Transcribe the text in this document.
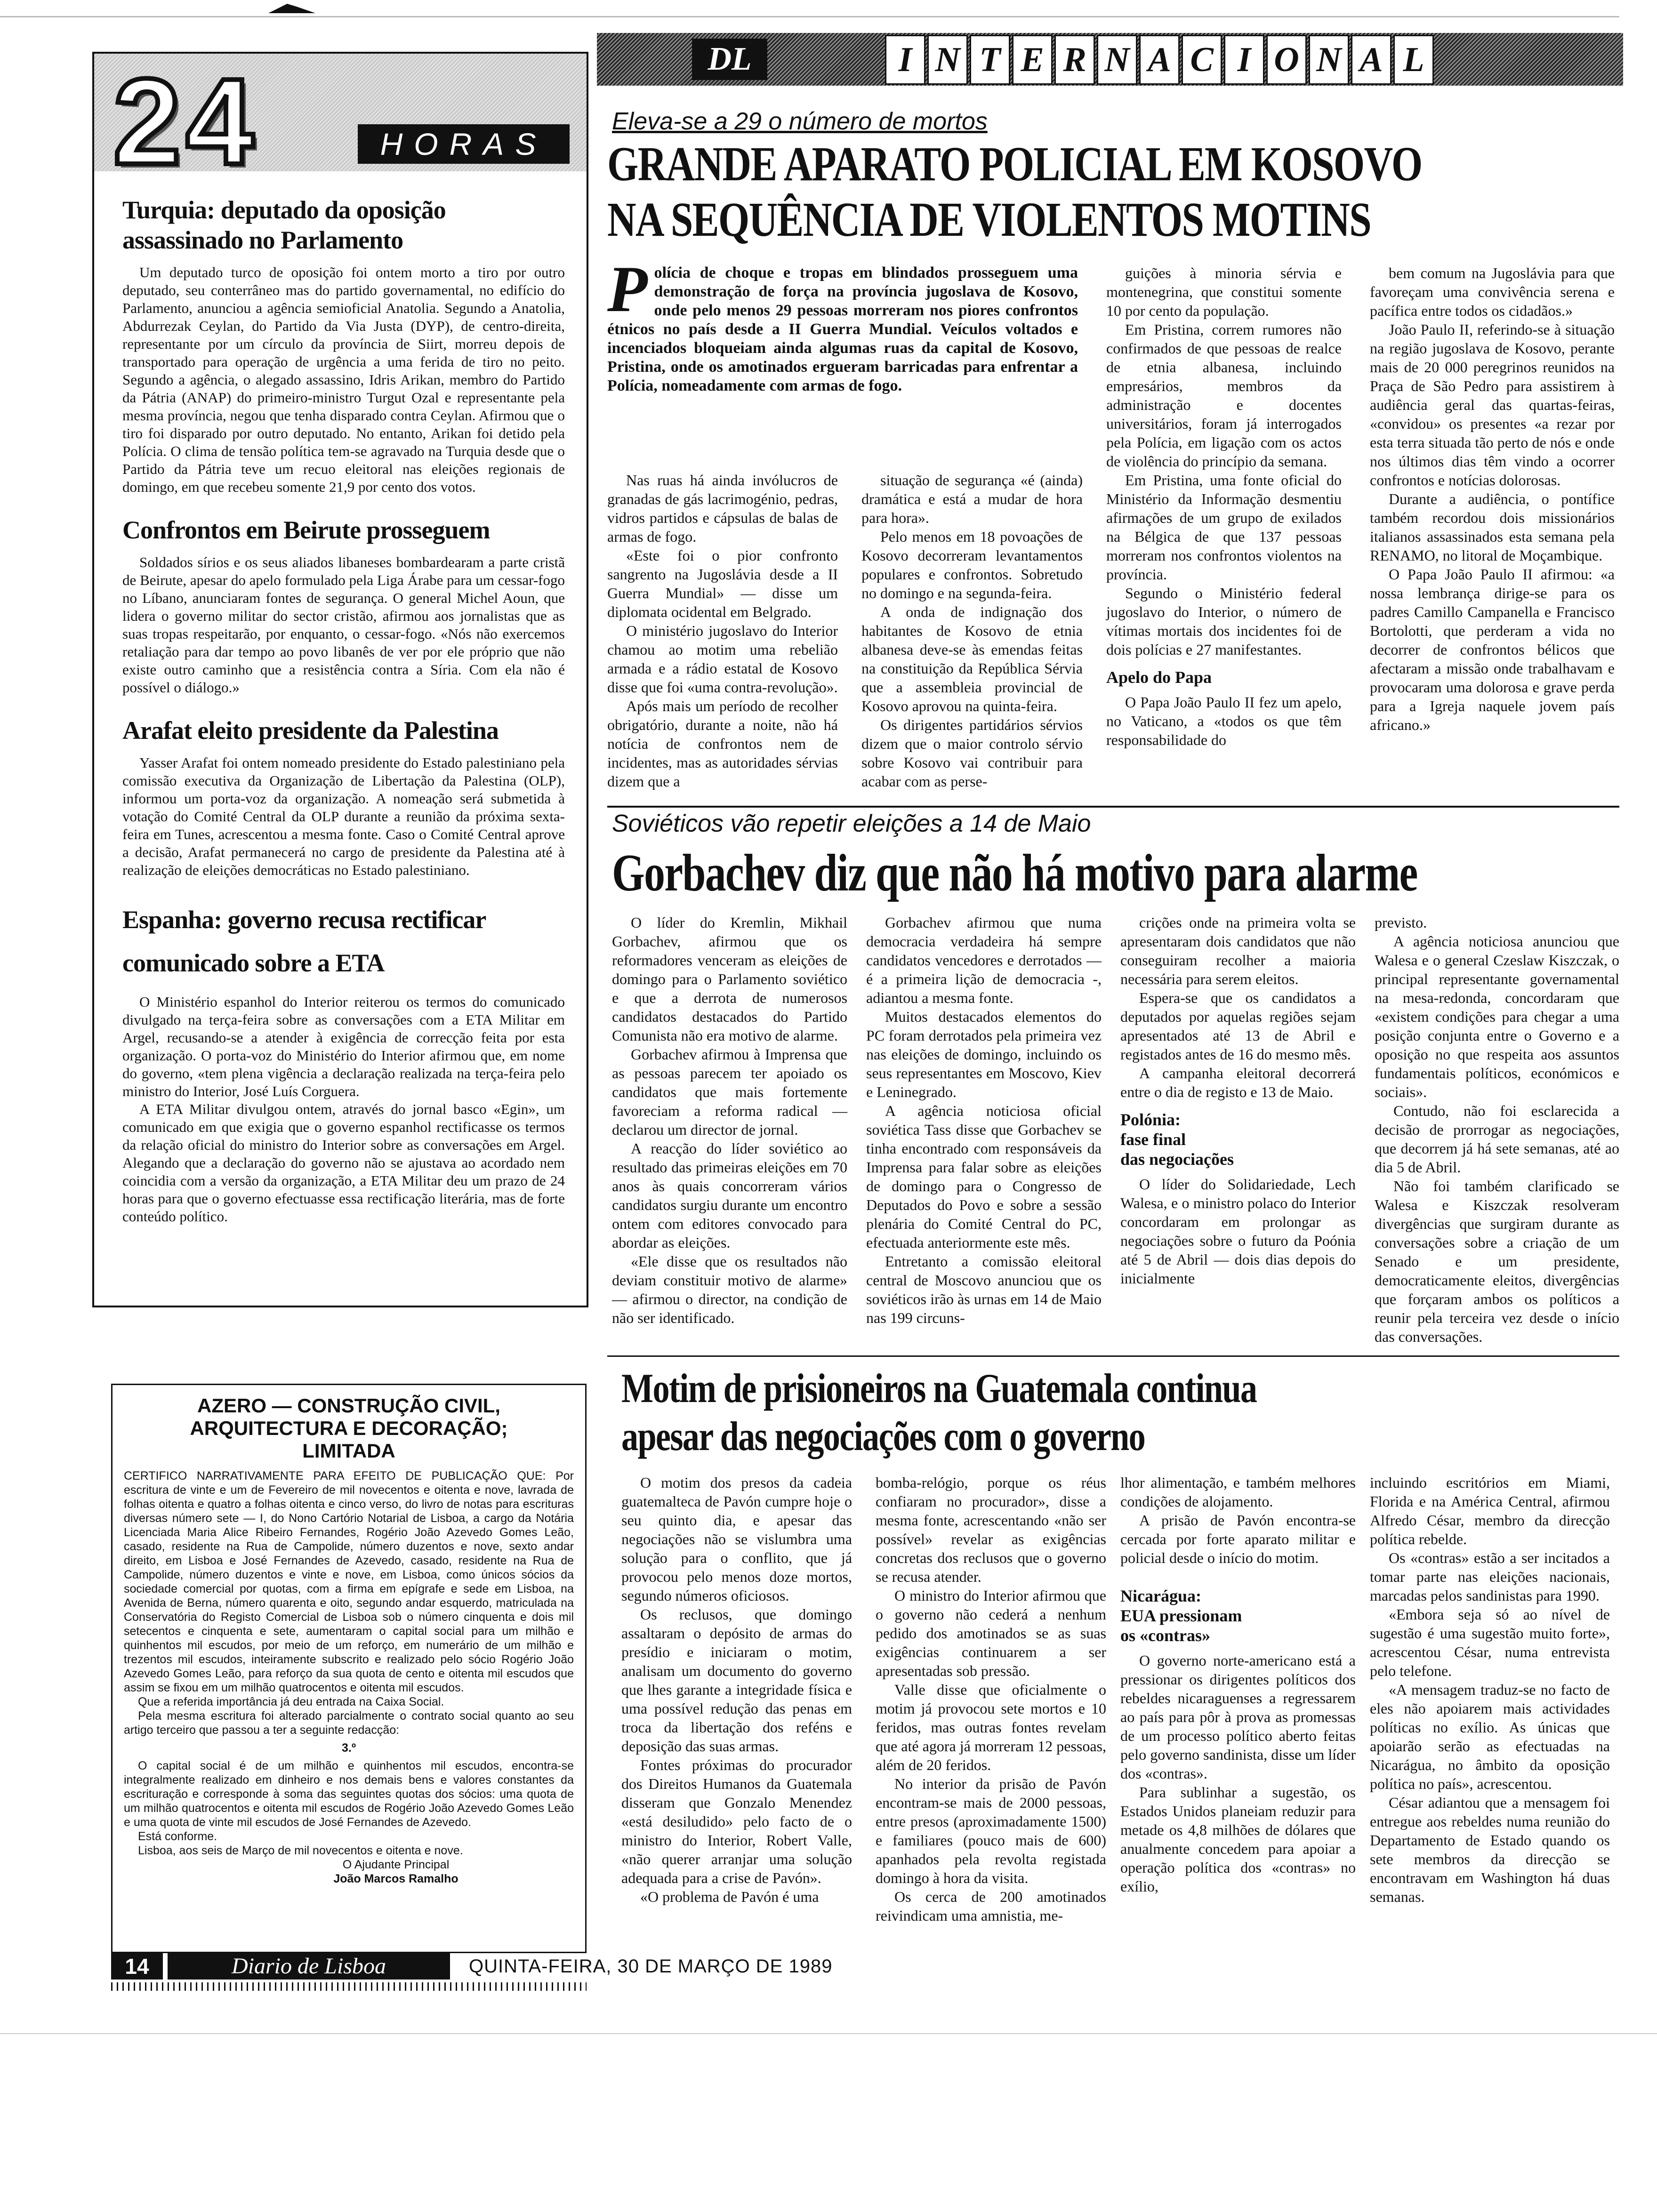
DL	I N T E R N A C I O N A L
24	HORAS
Turquia: deputado da oposição assassinado no Parlamento

Um deputado turco de oposição foi ontem morto a tiro por outro deputado, seu conterrâneo mas do partido governamental, no edifício do Parlamento, anunciou a agência semioficial Anatolia. Segundo a Anatolia, Abdurrezak Ceylan, do Partido da Via Justa (DYP), de centro-direita, representante por um círculo da província de Siirt, morreu depois de transportado para operação de urgência a uma ferida de tiro no peito. Segundo a agência, o alegado assassino, Idris Arikan, membro do Partido da Pátria (ANAP) do primeiro-ministro Turgut Ozal e representante pela mesma província, negou que tenha disparado contra Ceylan. Afirmou que o tiro foi disparado por outro deputado. No entanto, Arikan foi detido pela Polícia. O clima de tensão política tem-se agravado na Turquia desde que o Partido da Pátria teve um recuo eleitoral nas eleições regionais de domingo, em que recebeu somente 21,9 por cento dos votos.

Confrontos em Beirute prosseguem

Soldados sírios e os seus aliados libaneses bombardearam a parte cristã de Beirute, apesar do apelo formulado pela Liga Árabe para um cessar-fogo no Líbano, anunciaram fontes de segurança. O general Michel Aoun, que lidera o governo militar do sector cristão, afirmou aos jornalistas que as suas tropas respeitarão, por enquanto, o cessar-fogo. «Nós não exercemos retaliação para dar tempo ao povo libanês de ver por ele próprio que não existe outro caminho que a resistência contra a Síria. Com ela não é possível o diálogo.»

Arafat eleito presidente da Palestina

Yasser Arafat foi ontem nomeado presidente do Estado palestiniano pela comissão executiva da Organização de Libertação da Palestina (OLP), informou um porta-voz da organização. A nomeação será submetida à votação do Comité Central da OLP durante a reunião da próxima sexta-feira em Tunes, acrescentou a mesma fonte. Caso o Comité Central aprove a decisão, Arafat permanecerá no cargo de presidente da Palestina até à realização de eleições democráticas no Estado palestiniano.

Espanha: governo recusa rectificar comunicado sobre a ETA

O Ministério espanhol do Interior reiterou os termos do comunicado divulgado na terça-feira sobre as conversações com a ETA Militar em Argel, recusando-se a atender à exigência de correcção feita por esta organização. O porta-voz do Ministério do Interior afirmou que, em nome do governo, «tem plena vigência a declaração realizada na terça-feira pelo ministro do Interior, José Luís Corguera.

A ETA Militar divulgou ontem, através do jornal basco «Egin», um comunicado em que exigia que o governo espanhol rectificasse os termos da relação oficial do ministro do Interior sobre as conversações em Argel. Alegando que a declaração do governo não se ajustava ao acordado nem coincidia com a versão da organização, a ETA Militar deu um prazo de 24 horas para que o governo efectuasse essa rectificação literária, mas de forte conteúdo político.

AZERO — CONSTRUÇÃO CIVIL, ARQUITECTURA E DECORAÇÃO; LIMITADA

CERTIFICO NARRATIVAMENTE PARA EFEITO DE PUBLICAÇÃO QUE: Por escritura de vinte e um de Fevereiro de mil novecentos e oitenta e nove, lavrada de folhas oitenta e quatro a folhas oitenta e cinco verso, do livro de notas para escrituras diversas número sete — I, do Nono Cartório Notarial de Lisboa, a cargo da Notária Licenciada Maria Alice Ribeiro Fernandes, Rogério João Azevedo Gomes Leão, casado, residente na Rua de Campolide, número duzentos e nove, sexto andar direito, em Lisboa e José Fernandes de Azevedo, casado, residente na Rua de Campolide, número duzentos e vinte e nove, em Lisboa, como únicos sócios da sociedade comercial por quotas, com a firma em epígrafe e sede em Lisboa, na Avenida de Berna, número quarenta e oito, segundo andar esquerdo, matriculada na Conservatória do Registo Comercial de Lisboa sob o número cinquenta e dois mil setecentos e cinquenta e sete, aumentaram o capital social para um milhão e quinhentos mil escudos, por meio de um reforço, em numerário de um milhão e trezentos mil escudos, inteiramente subscrito e realizado pelo sócio Rogério João Azevedo Gomes Leão, para reforço da sua quota de cento e oitenta mil escudos que assim se fixou em um milhão quatrocentos e oitenta mil escudos.

Que a referida importância já deu entrada na Caixa Social.

Pela mesma escritura foi alterado parcialmente o contrato social quanto ao seu artigo terceiro que passou a ter a seguinte redacção:

3.º

O capital social é de um milhão e quinhentos mil escudos, encontra-se integralmente realizado em dinheiro e nos demais bens e valores constantes da escrituração e corresponde à soma das seguintes quotas dos sócios: uma quota de um milhão quatrocentos e oitenta mil escudos de Rogério João Azevedo Gomes Leão e uma quota de vinte mil escudos de José Fernandes de Azevedo.

Está conforme.

Lisboa, aos seis de Março de mil novecentos e oitenta e nove.

O Ajudante Principal

João Marcos Ramalho

Eleva-se a 29 o número de mortos
GRANDE APARATO POLICIAL EM KOSOVO
NA SEQUÊNCIA DE VIOLENTOS MOTINS
P olícia de choque e tropas em blindados prosseguem uma demonstração de força na província jugoslava de Kosovo, onde pelo menos 29 pessoas morreram nos piores confrontos étnicos no país desde a II Guerra Mundial. Veículos voltados e incenciados bloqueiam ainda algumas ruas da capital de Kosovo, Pristina, onde os amotinados ergueram barricadas para enfrentar a Polícia, nomeadamente com armas de fogo.

Nas ruas há ainda invólucros de granadas de gás lacrimogénio, pedras, vidros partidos e cápsulas de balas de armas de fogo.

«Este foi o pior confronto sangrento na Jugoslávia desde a II Guerra Mundial» — disse um diplomata ocidental em Belgrado.

O ministério jugoslavo do Interior chamou ao motim uma rebelião armada e a rádio estatal de Kosovo disse que foi «uma contra-revolução».

Após mais um período de recolher obrigatório, durante a noite, não há notícia de confrontos nem de incidentes, mas as autoridades sérvias dizem que a

situação de segurança «é (ainda) dramática e está a mudar de hora para hora».

Pelo menos em 18 povoações de Kosovo decorreram levantamentos populares e confrontos. Sobretudo no domingo e na segunda-feira.

A onda de indignação dos habitantes de Kosovo de etnia albanesa deve-se às emendas feitas na constituição da República Sérvia que a assembleia provincial de Kosovo aprovou na quinta-feira.

Os dirigentes partidários sérvios dizem que o maior controlo sérvio sobre Kosovo vai contribuir para acabar com as perse-

guições à minoria sérvia e montenegrina, que constitui somente 10 por cento da população.

Em Pristina, correm rumores não confirmados de que pessoas de realce de etnia albanesa, incluindo empresários, membros da administração e docentes universitários, foram já interrogados pela Polícia, em ligação com os actos de violência do princípio da semana.

Em Pristina, uma fonte oficial do Ministério da Informação desmentiu afirmações de um grupo de exilados na Bélgica de que 137 pessoas morreram nos confrontos violentos na província.

Segundo o Ministério federal jugoslavo do Interior, o número de vítimas mortais dos incidentes foi de dois polícias e 27 manifestantes.

Apelo do Papa

O Papa João Paulo II fez um apelo, no Vaticano, a «todos os que têm responsabilidade do

bem comum na Jugoslávia para que favoreçam uma convivência serena e pacífica entre todos os cidadãos.»

João Paulo II, referindo-se à situação na região jugoslava de Kosovo, perante mais de 20 000 peregrinos reunidos na Praça de São Pedro para assistirem à audiência geral das quartas-feiras, «convidou» os presentes «a rezar por esta terra situada tão perto de nós e onde nos últimos dias têm vindo a ocorrer confrontos e notícias dolorosas.

Durante a audiência, o pontífice também recordou dois missionários italianos assassinados esta semana pela RENAMO, no litoral de Moçambique.

O Papa João Paulo II afirmou: «a nossa lembrança dirige-se para os padres Camillo Campanella e Francisco Bortolotti, que perderam a vida no decorrer de confrontos bélicos que afectaram a missão onde trabalhavam e provocaram uma dolorosa e grave perda para a Igreja naquele jovem país africano.»

Soviéticos vão repetir eleições a 14 de Maio
Gorbachev diz que não há motivo para alarme

O líder do Kremlin, Mikhail Gorbachev, afirmou que os reformadores venceram as eleições de domingo para o Parlamento soviético e que a derrota de numerosos candidatos destacados do Partido Comunista não era motivo de alarme.

Gorbachev afirmou à Imprensa que as pessoas parecem ter apoiado os candidatos que mais fortemente favoreciam a reforma radical — declarou um director de jornal.

A reacção do líder soviético ao resultado das primeiras eleições em 70 anos às quais concorreram vários candidatos surgiu durante um encontro ontem com editores convocado para abordar as eleições.

«Ele disse que os resultados não deviam constituir motivo de alarme» — afirmou o director, na condição de não ser identificado.

Gorbachev afirmou que numa democracia verdadeira há sempre candidatos vencedores e derrotados — é a primeira lição de democracia -, adiantou a mesma fonte.

Muitos destacados elementos do PC foram derrotados pela primeira vez nas eleições de domingo, incluindo os seus representantes em Moscovo, Kiev e Leninegrado.

A agência noticiosa oficial soviética Tass disse que Gorbachev se tinha encontrado com responsáveis da Imprensa para falar sobre as eleições de domingo para o Congresso de Deputados do Povo e sobre a sessão plenária do Comité Central do PC, efectuada anteriormente este mês.

Entretanto a comissão eleitoral central de Moscovo anunciou que os soviéticos irão às urnas em 14 de Maio nas 199 circuns-

crições onde na primeira volta se apresentaram dois candidatos que não conseguiram recolher a maioria necessária para serem eleitos.

Espera-se que os candidatos a deputados por aquelas regiões sejam apresentados até 13 de Abril e registados antes de 16 do mesmo mês.

A campanha eleitoral decorrerá entre o dia de registo e 13 de Maio.

Polónia:
fase final
das negociações

O líder do Solidariedade, Lech Walesa, e o ministro polaco do Interior concordaram em prolongar as negociações sobre o futuro da Poónia até 5 de Abril — dois dias depois do inicialmente

previsto.

A agência noticiosa anunciou que Walesa e o general Czeslaw Kiszczak, o principal representante governamental na mesa-redonda, concordaram que «existem condições para chegar a uma posição conjunta entre o Governo e a oposição no que respeita aos assuntos fundamentais políticos, económicos e sociais».

Contudo, não foi esclarecida a decisão de prorrogar as negociações, que decorrem já há sete semanas, até ao dia 5 de Abril.

Não foi também clarificado se Walesa e Kiszczak resolveram divergências que surgiram durante as conversações sobre a criação de um Senado e um presidente, democraticamente eleitos, divergências que forçaram ambos os políticos a reunir pela terceira vez desde o início das conversações.

Motim de prisioneiros na Guatemala continua
apesar das negociações com o governo

O motim dos presos da cadeia guatemalteca de Pavón cumpre hoje o seu quinto dia, e apesar das negociações não se vislumbra uma solução para o conflito, que já provocou pelo menos doze mortos, segundo números oficiosos.

Os reclusos, que domingo assaltaram o depósito de armas do presídio e iniciaram o motim, analisam um documento do governo que lhes garante a integridade física e uma possível redução das penas em troca da libertação dos reféns e deposição das suas armas.

Fontes próximas do procurador dos Direitos Humanos da Guatemala disseram que Gonzalo Menendez «está desiludido» pelo facto de o ministro do Interior, Robert Valle, «não querer arranjar uma solução adequada para a crise de Pavón».

«O problema de Pavón é uma

bomba-relógio, porque os réus confiaram no procurador», disse a mesma fonte, acrescentando «não ser possível» revelar as exigências concretas dos reclusos que o governo se recusa atender.

O ministro do Interior afirmou que o governo não cederá a nenhum pedido dos amotinados se as suas exigências continuarem a ser apresentadas sob pressão.

Valle disse que oficialmente o motim já provocou sete mortos e 10 feridos, mas outras fontes revelam que até agora já morreram 12 pessoas, além de 20 feridos.

No interior da prisão de Pavón encontram-se mais de 2000 pessoas, entre presos (aproximadamente 1500) e familiares (pouco mais de 600) apanhados pela revolta registada domingo à hora da visita.

Os cerca de 200 amotinados reivindicam uma amnistia, me-

lhor alimentação, e também melhores condições de alojamento.

A prisão de Pavón encontra-se cercada por forte aparato militar e policial desde o início do motim.

Nicarágua:
EUA pressionam
os «contras»

O governo norte-americano está a pressionar os dirigentes políticos dos rebeldes nicaraguenses a regressarem ao país para pôr à prova as promessas de um processo político aberto feitas pelo governo sandinista, disse um líder dos «contras».

Para sublinhar a sugestão, os Estados Unidos planeiam reduzir para metade os 4,8 milhões de dólares que anualmente concedem para apoiar a operação política dos «contras» no exílio,

incluindo escritórios em Miami, Florida e na América Central, afirmou Alfredo César, membro da direcção política rebelde.

Os «contras» estão a ser incitados a tomar parte nas eleições nacionais, marcadas pelos sandinistas para 1990.

«Embora seja só ao nível de sugestão é uma sugestão muito forte», acrescentou César, numa entrevista pelo telefone.

«A mensagem traduz-se no facto de eles não apoiarem mais actividades políticas no exílio. As únicas que apoiarão serão as efectuadas na Nicarágua, no âmbito da oposição política no país», acrescentou.

César adiantou que a mensagem foi entregue aos rebeldes numa reunião do Departamento de Estado quando os sete membros da direcção se encontravam em Washington há duas semanas.

14	Diario de Lisboa	QUINTA-FEIRA, 30 DE MARÇO DE 1989
